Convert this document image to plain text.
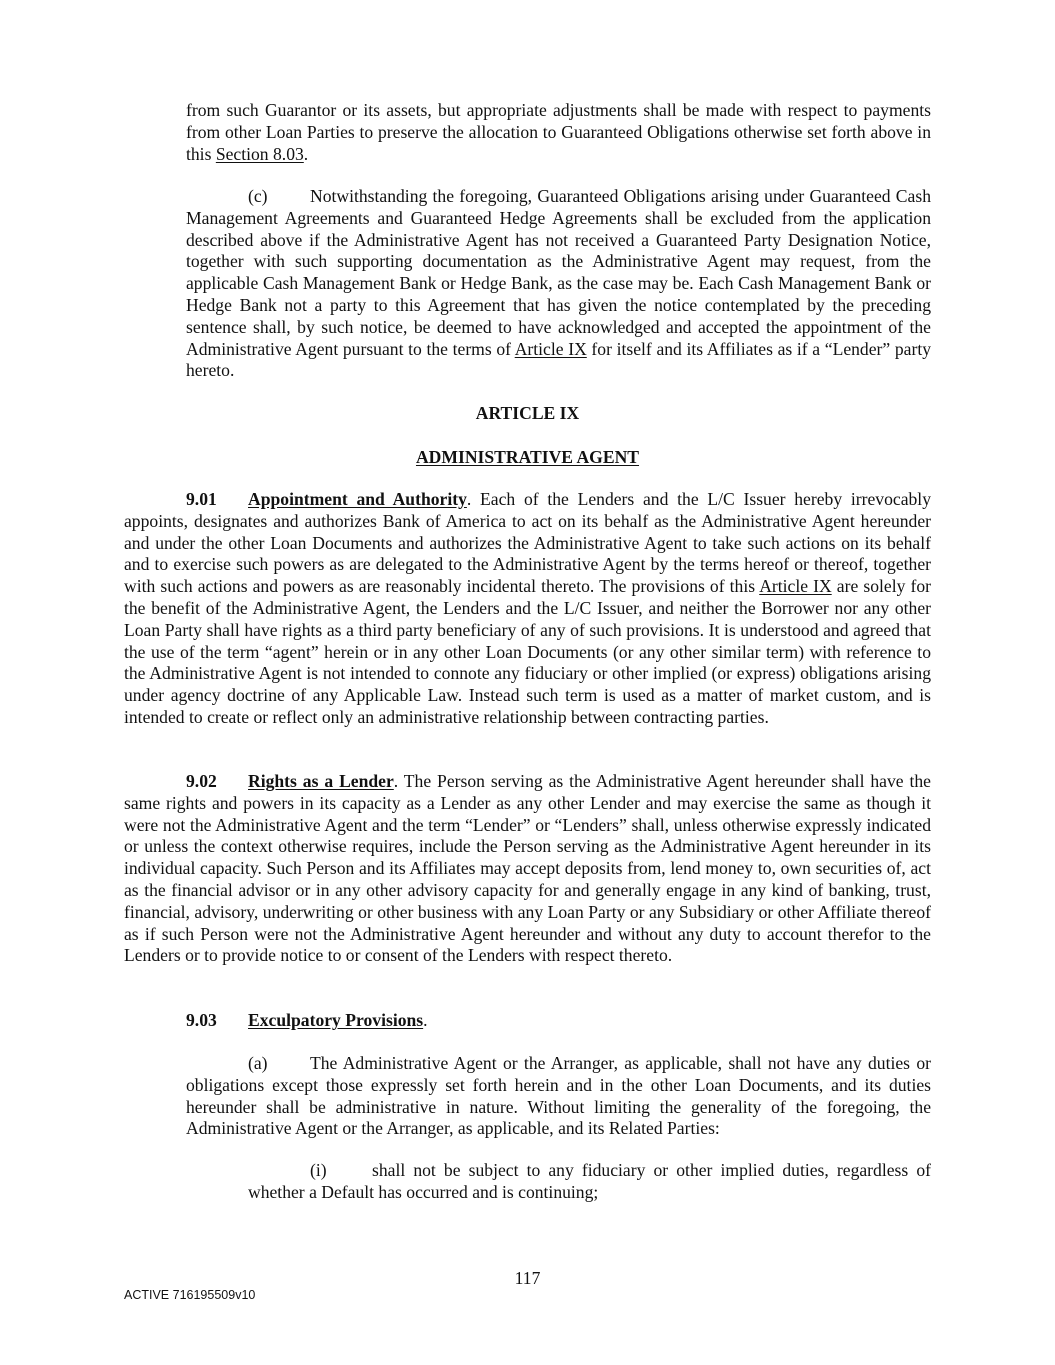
from such Guarantor or its assets, but appropriate adjustments shall be made with respect to payments from other Loan Parties to preserve the allocation to Guaranteed Obligations otherwise set forth above in this Section 8.03.

(c) Notwithstanding the foregoing, Guaranteed Obligations arising under Guaranteed Cash Management Agreements and Guaranteed Hedge Agreements shall be excluded from the application described above if the Administrative Agent has not received a Guaranteed Party Designation Notice, together with such supporting documentation as the Administrative Agent may request, from the applicable Cash Management Bank or Hedge Bank, as the case may be. Each Cash Management Bank or Hedge Bank not a party to this Agreement that has given the notice contemplated by the preceding sentence shall, by such notice, be deemed to have acknowledged and accepted the appointment of the Administrative Agent pursuant to the terms of Article IX for itself and its Affiliates as if a “Lender” party hereto.

ARTICLE IX

ADMINISTRATIVE AGENT

9.01 Appointment and Authority. Each of the Lenders and the L/C Issuer hereby irrevocably appoints, designates and authorizes Bank of America to act on its behalf as the Administrative Agent hereunder and under the other Loan Documents and authorizes the Administrative Agent to take such actions on its behalf and to exercise such powers as are delegated to the Administrative Agent by the terms hereof or thereof, together with such actions and powers as are reasonably incidental thereto. The provisions of this Article IX are solely for the benefit of the Administrative Agent, the Lenders and the L/C Issuer, and neither the Borrower nor any other Loan Party shall have rights as a third party beneficiary of any of such provisions. It is understood and agreed that the use of the term “agent” herein or in any other Loan Documents (or any other similar term) with reference to the Administrative Agent is not intended to connote any fiduciary or other implied (or express) obligations arising under agency doctrine of any Applicable Law. Instead such term is used as a matter of market custom, and is intended to create or reflect only an administrative relationship between contracting parties.

9.02 Rights as a Lender. The Person serving as the Administrative Agent hereunder shall have the same rights and powers in its capacity as a Lender as any other Lender and may exercise the same as though it were not the Administrative Agent and the term “Lender” or “Lenders” shall, unless otherwise expressly indicated or unless the context otherwise requires, include the Person serving as the Administrative Agent hereunder in its individual capacity. Such Person and its Affiliates may accept deposits from, lend money to, own securities of, act as the financial advisor or in any other advisory capacity for and generally engage in any kind of banking, trust, financial, advisory, underwriting or other business with any Loan Party or any Subsidiary or other Affiliate thereof as if such Person were not the Administrative Agent hereunder and without any duty to account therefor to the Lenders or to provide notice to or consent of the Lenders with respect thereto.

9.03 Exculpatory Provisions.

(a) The Administrative Agent or the Arranger, as applicable, shall not have any duties or obligations except those expressly set forth herein and in the other Loan Documents, and its duties hereunder shall be administrative in nature. Without limiting the generality of the foregoing, the Administrative Agent or the Arranger, as applicable, and its Related Parties:

(i)	shall not be subject to any fiduciary or other implied duties, regardless of whether a Default has occurred and is continuing;

117

ACTIVE 716195509v10
